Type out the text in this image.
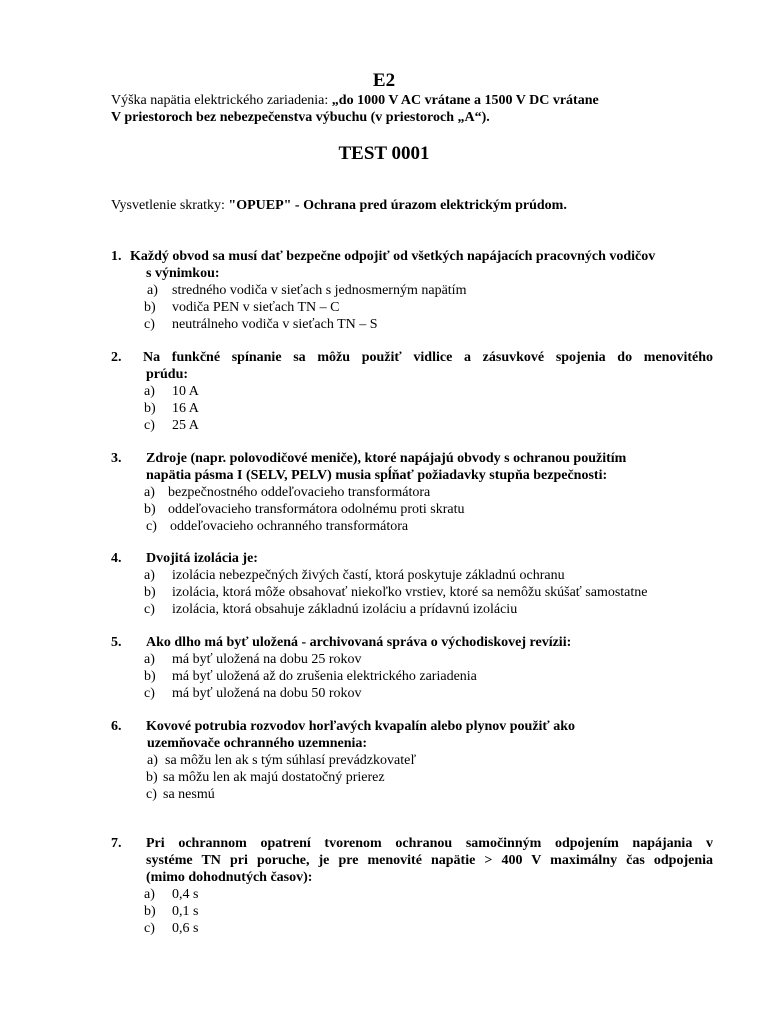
E2
Výška napätia elektrického zariadenia: „do 1000 V AC vrátane a 1500 V DC vrátane
V priestoroch bez nebezpečenstva výbuchu (v priestoroch „A“).
TEST 0001
Vysvetlenie skratky: "OPUEP" - Ochrana pred úrazom elektrickým prúdom.
1. Každý obvod sa musí dať bezpečne odpojiť od všetkých napájacích pracovných vodičov
s výnimkou:
a) stredného vodiča v sieťach s jednosmerným napätím
b) vodiča PEN v sieťach TN – C
c) neutrálneho vodiča v sieťach TN – S
2. Na funkčné spínanie sa môžu použiť vidlice a zásuvkové spojenia do menovitého
prúdu:
a) 10 A
b) 16 A
c) 25 A
3. Zdroje (napr. polovodičové meniče), ktoré napájajú obvody s ochranou použitím
napätia pásma I (SELV, PELV) musia spĺňať požiadavky stupňa bezpečnosti:
a) bezpečnostného oddeľovacieho transformátora
b) oddeľovacieho transformátora odolnému proti skratu
c) oddeľovacieho ochranného transformátora
4. Dvojitá izolácia je:
a) izolácia nebezpečných živých častí, ktorá poskytuje základnú ochranu
b) izolácia, ktorá môže obsahovať niekoľko vrstiev, ktoré sa nemôžu skúšať samostatne
c) izolácia, ktorá obsahuje základnú izoláciu a prídavnú izoláciu
5. Ako dlho má byť uložená - archivovaná správa o východiskovej revízii:
a) má byť uložená na dobu 25 rokov
b) má byť uložená až do zrušenia elektrického zariadenia
c) má byť uložená na dobu 50 rokov
6. Kovové potrubia rozvodov horľavých kvapalín alebo plynov použiť ako
uzemňovače ochranného uzemnenia:
a) sa môžu len ak s tým súhlasí prevádzkovateľ
b) sa môžu len ak majú dostatočný prierez
c) sa nesmú
7. Pri ochrannom opatrení tvorenom ochranou samočinným odpojením napájania v
systéme TN pri poruche, je pre menovité napätie > 400 V maximálny čas odpojenia
(mimo dohodnutých časov):
a) 0,4 s
b) 0,1 s
c) 0,6 s
